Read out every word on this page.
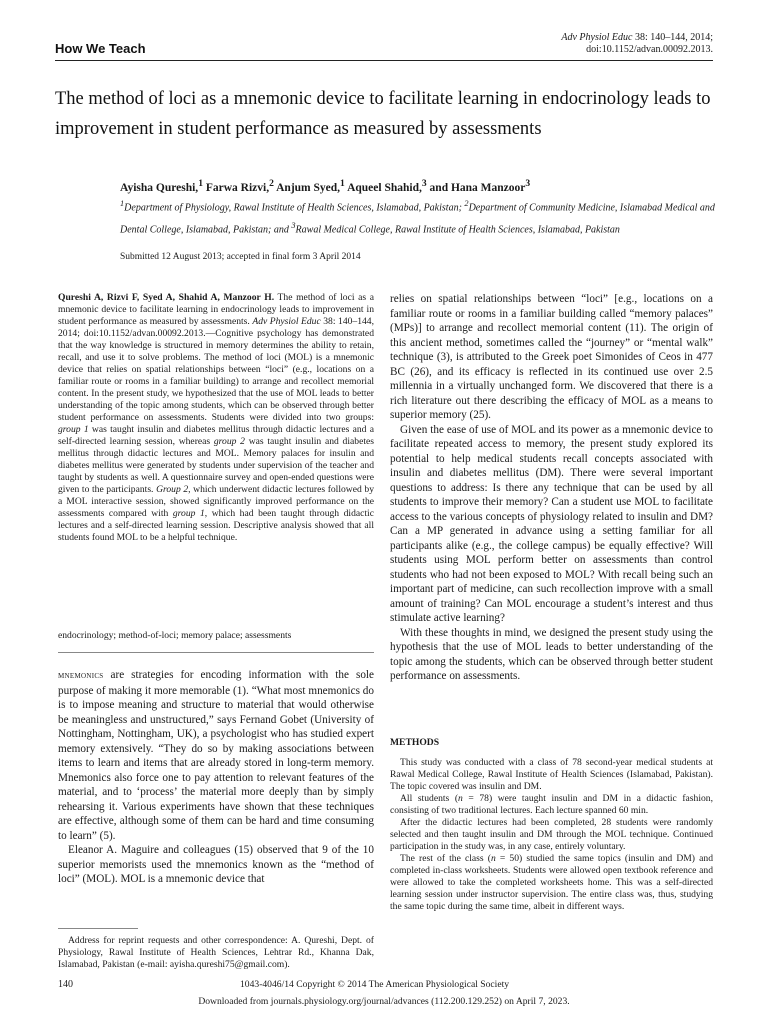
How We Teach
Adv Physiol Educ 38: 140–144, 2014;
doi:10.1152/advan.00092.2013.
The method of loci as a mnemonic device to facilitate learning in endocrinology leads to improvement in student performance as measured by assessments
Ayisha Qureshi,$^1$ Farwa Rizvi,$^2$ Anjum Syed,$^1$ Aqueel Shahid,$^3$ and Hana Manzoor$^3$
$^1$Department of Physiology, Rawal Institute of Health Sciences, Islamabad, Pakistan; $^2$Department of Community Medicine, Islamabad Medical and Dental College, Islamabad, Pakistan; and $^3$Rawal Medical College, Rawal Institute of Health Sciences, Islamabad, Pakistan
Submitted 12 August 2013; accepted in final form 3 April 2014
Qureshi A, Rizvi F, Syed A, Shahid A, Manzoor H. The method of loci as a mnemonic device to facilitate learning in endocrinology leads to improvement in student performance as measured by assessments. Adv Physiol Educ 38: 140–144, 2014; doi:10.1152/advan.00092.2013.—Cognitive psychology has demonstrated that the way knowledge is structured in memory determines the ability to retain, recall, and use it to solve problems. The method of loci (MOL) is a mnemonic device that relies on spatial relationships between “loci” (e.g., locations on a familiar route or rooms in a familiar building) to arrange and recollect memorial content. In the present study, we hypothesized that the use of MOL leads to better understanding of the topic among students, which can be observed through better student performance on assessments. Students were divided into two groups: group 1 was taught insulin and diabetes mellitus through didactic lectures and a self-directed learning session, whereas group 2 was taught insulin and diabetes mellitus through didactic lectures and MOL. Memory palaces for insulin and diabetes mellitus were generated by students under supervision of the teacher and taught by students as well. A questionnaire survey and open-ended questions were given to the participants. Group 2, which underwent didactic lectures followed by a MOL interactive session, showed significantly improved performance on the assessments compared with group 1, which had been taught through didactic lectures and a self-directed learning session. Descriptive analysis showed that all students found MOL to be a helpful technique.
endocrinology; method-of-loci; memory palace; assessments

mnemonics are strategies for encoding information with the sole purpose of making it more memorable (1). “What most mnemonics do is to impose meaning and structure to material that would otherwise be meaningless and unstructured,” says Fernand Gobet (University of Nottingham, Nottingham, UK), a psychologist who has studied expert memory extensively. “They do so by making associations between items to learn and items that are already stored in long-term memory. Mnemonics also force one to pay attention to relevant features of the material, and to ‘process’ the material more deeply than by simply rehearsing it. Various experiments have shown that these techniques are effective, although some of them can be hard and time consuming to learn” (5).

Eleanor A. Maguire and colleagues (15) observed that 9 of the 10 superior memorists used the mnemonics known as the “method of loci” (MOL). MOL is a mnemonic device that

relies on spatial relationships between “loci” [e.g., locations on a familiar route or rooms in a familiar building called “memory palaces” (MPs)] to arrange and recollect memorial content (11). The origin of this ancient method, sometimes called the “journey” or “mental walk” technique (3), is attributed to the Greek poet Simonides of Ceos in 477 BC (26), and its efficacy is reflected in its continued use over 2.5 millennia in a virtually unchanged form. We discovered that there is a rich literature out there describing the efficacy of MOL as a means to superior memory (25).

Given the ease of use of MOL and its power as a mnemonic device to facilitate repeated access to memory, the present study explored its potential to help medical students recall concepts associated with insulin and diabetes mellitus (DM). There were several important questions to address: Is there any technique that can be used by all students to improve their memory? Can a student use MOL to facilitate access to the various concepts of physiology related to insulin and DM? Can a MP generated in advance using a setting familiar for all participants alike (e.g., the college campus) be equally effective? Will students using MOL perform better on assessments than control students who had not been exposed to MOL? With recall being such an important part of medicine, can such recollection improve with a small amount of training? Can MOL encourage a student’s interest and thus stimulate active learning?

With these thoughts in mind, we designed the present study using the hypothesis that the use of MOL leads to better understanding of the topic among the students, which can be observed through better student performance on assessments.

METHODS

This study was conducted with a class of 78 second-year medical students at Rawal Medical College, Rawal Institute of Health Sciences (Islamabad, Pakistan). The topic covered was insulin and DM.

All students (n = 78) were taught insulin and DM in a didactic fashion, consisting of two traditional lectures. Each lecture spanned 60 min.

After the didactic lectures had been completed, 28 students were randomly selected and then taught insulin and DM through the MOL technique. Continued participation in the study was, in any case, entirely voluntary.

The rest of the class (n = 50) studied the same topics (insulin and DM) and completed in-class worksheets. Students were allowed open textbook reference and were allowed to take the completed worksheets home. This was a self-directed learning session under instructor supervision. The entire class was, thus, studying the same topic during the same time, albeit in different ways.

Address for reprint requests and other correspondence: A. Qureshi, Dept. of Physiology, Rawal Institute of Health Sciences, Lehtrar Rd., Khanna Dak, Islamabad, Pakistan (e-mail: ayisha.qureshi75@gmail.com).

140	1043-4046/14 Copyright © 2014 The American Physiological Society
Downloaded from journals.physiology.org/journal/advances (112.200.129.252) on April 7, 2023.
